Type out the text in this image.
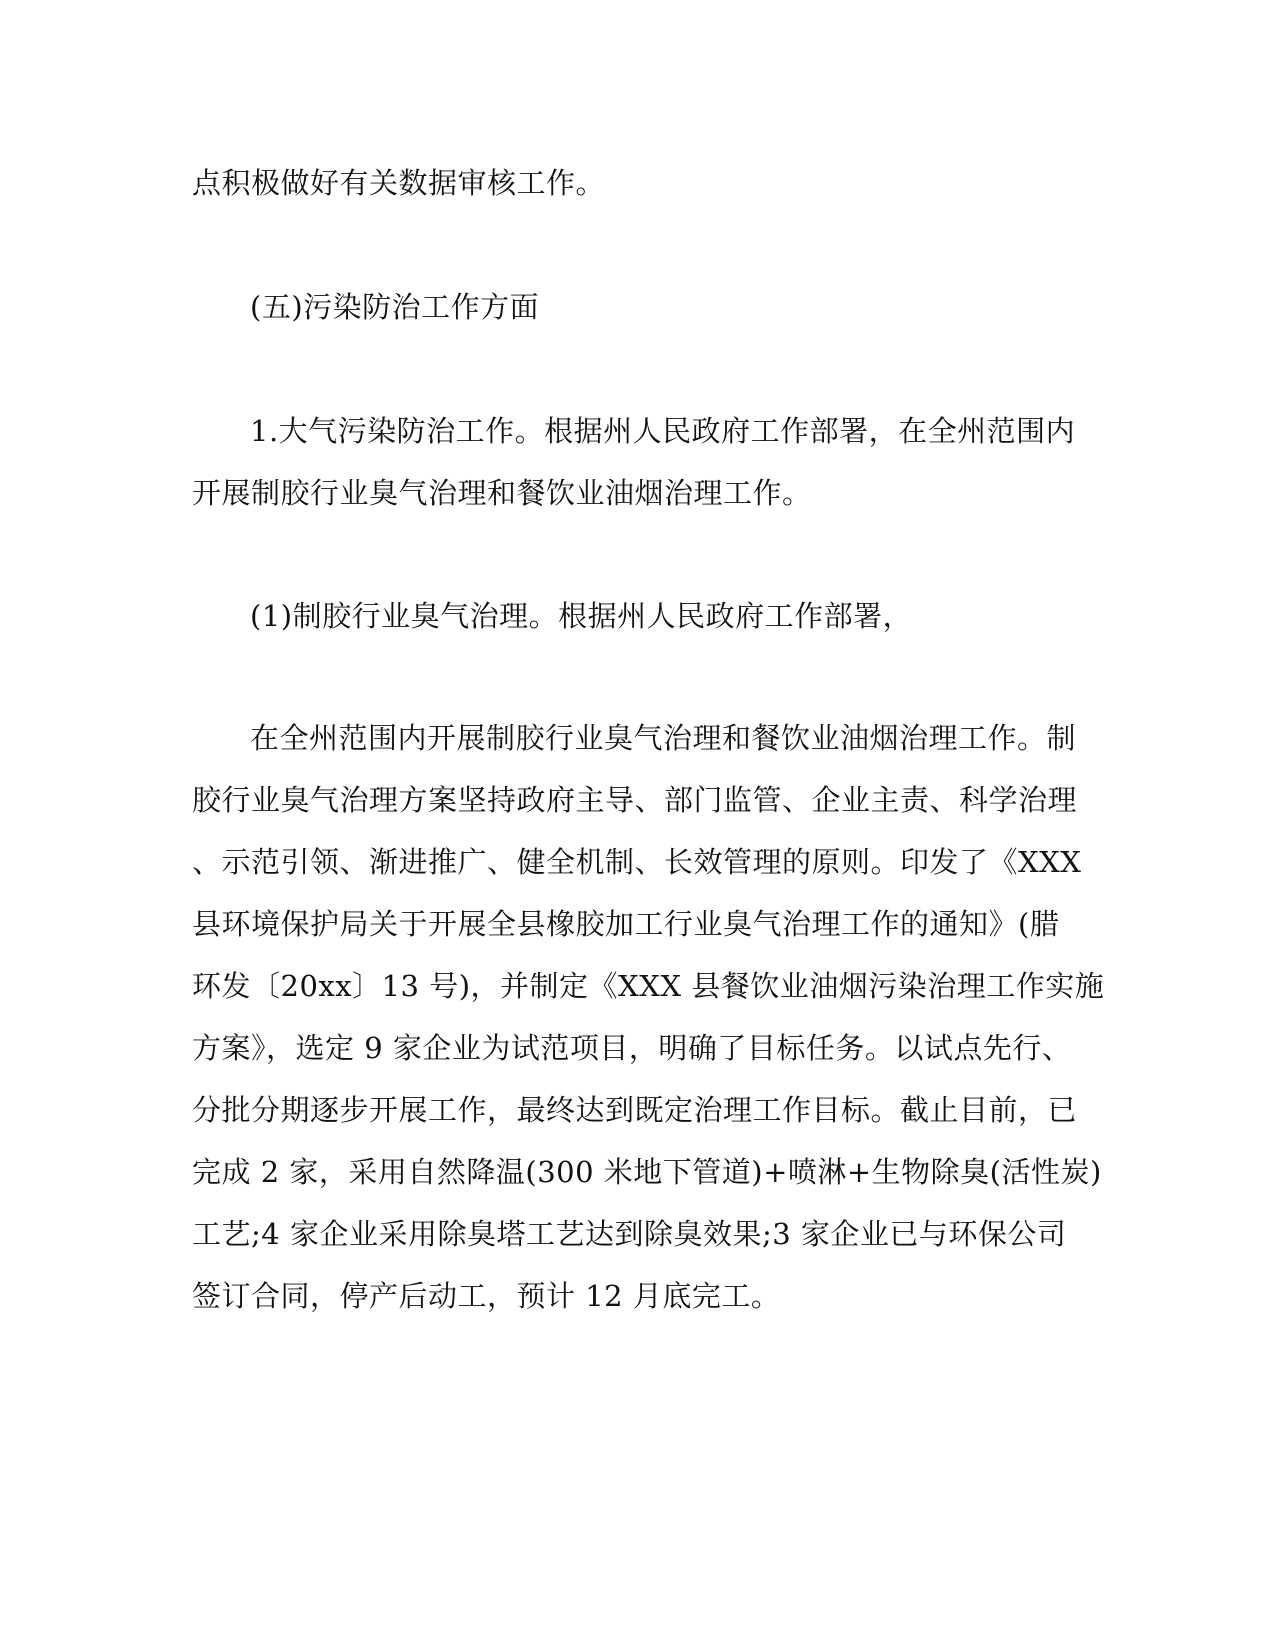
点积极做好有关数据审核工作。
(五)污染防治工作方面
1.大气污染防治工作。根据州人民政府工作部署，在全州范围内
开展制胶行业臭气治理和餐饮业油烟治理工作。
(1)制胶行业臭气治理。根据州人民政府工作部署，
在全州范围内开展制胶行业臭气治理和餐饮业油烟治理工作。制
胶行业臭气治理方案坚持政府主导、部门监管、企业主责、科学治理
、示范引领、渐进推广、健全机制、长效管理的原则。印发了《XXX
县环境保护局关于开展全县橡胶加工行业臭气治理工作的通知》(腊
环发〔20xx〕13 号)，并制定《XXX 县餐饮业油烟污染治理工作实施
方案》，选定 9 家企业为试范项目，明确了目标任务。以试点先行、
分批分期逐步开展工作，最终达到既定治理工作目标。截止目前，已
完成 2 家，采用自然降温(300 米地下管道)+喷淋+生物除臭(活性炭)
工艺;4 家企业采用除臭塔工艺达到除臭效果;3 家企业已与环保公司
签订合同，停产后动工，预计 12 月底完工。
